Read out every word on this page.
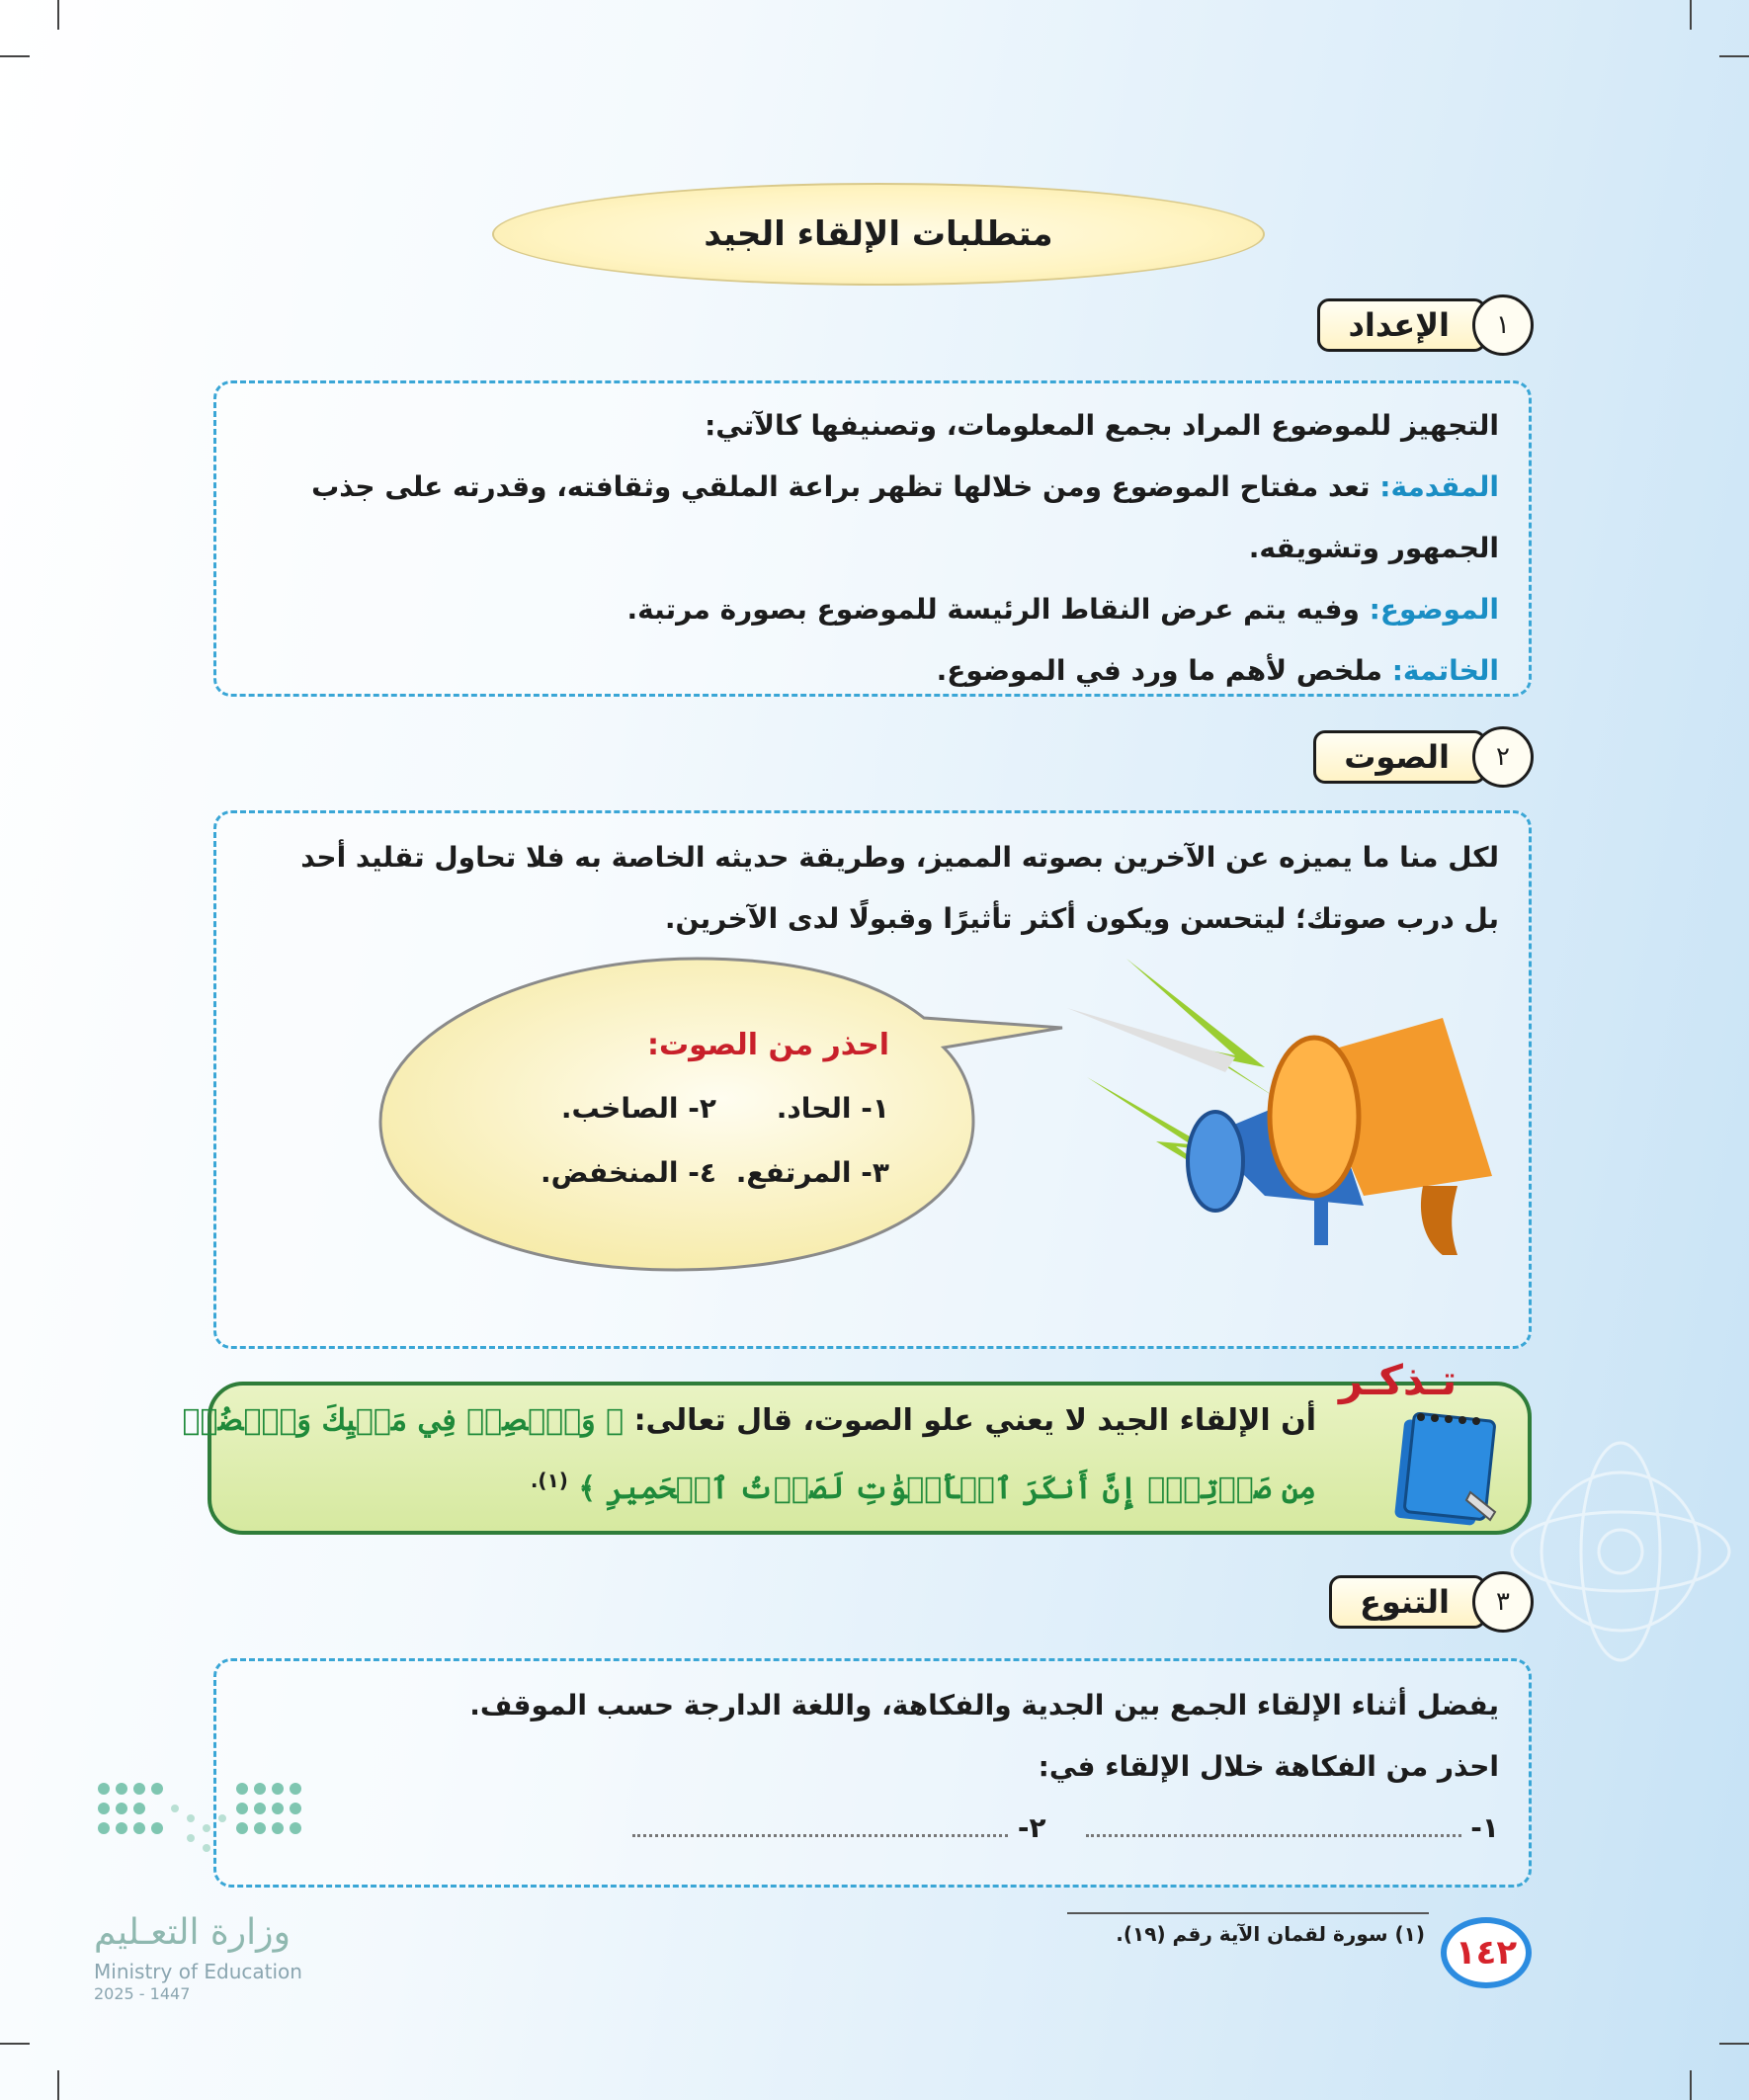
متطلبات الإلقاء الجيد
١
الإعداد
التجهيز للموضوع المراد بجمع المعلومات، وتصنيفها كالآتي:
المقدمة: تعد مفتاح الموضوع ومن خلالها تظهر براعة الملقي وثقافته، وقدرته على جذب
الجمهور وتشويقه.
الموضوع: وفيه يتم عرض النقاط الرئيسة للموضوع بصورة مرتبة.
الخاتمة: ملخص لأهم ما ورد في الموضوع.
٢
الصوت
لكل منا ما يميزه عن الآخرين بصوته المميز، وطريقة حديثه الخاصة به فلا تحاول تقليد أحد
بل درب صوتك؛ ليتحسن ويكون أكثر تأثيرًا وقبولًا لدى الآخرين.
احذر من الصوت:
١- الحاد.
٢- الصاخب.
٣- المرتفع.
٤- المنخفض.
تـذكـر
أن الإلقاء الجيد لا يعني علو الصوت، قال تعالى: ﴿ وَٱقۡصِدۡ فِي مَشۡيِكَ وَٱغۡضُضۡ
مِن صَوۡتِكَۚ إِنَّ أَنكَرَ ٱلۡأَصۡوَٰتِ لَصَوۡتُ ٱلۡحَمِيرِ ﴾ $^{(١).}$
٣
التنوع
يفضل أثناء الإلقاء الجمع بين الجدية والفكاهة، واللغة الدارجة حسب الموقف.
احذر من الفكاهة خلال الإلقاء في:
١-
٢-
وزارة التعـليم
Ministry of Education
2025 - 1447
(١) سورة لقمان الآية رقم (١٩). ١٤٢
